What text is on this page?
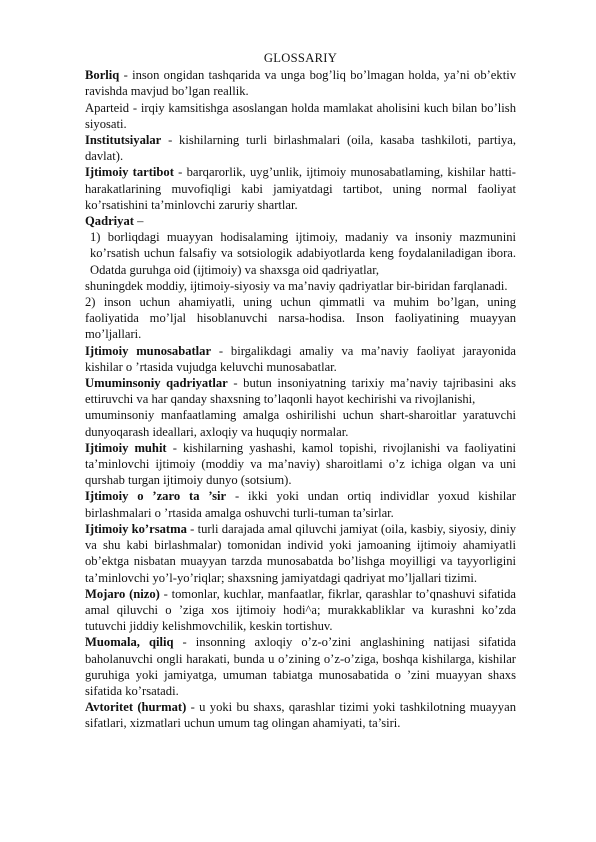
GLOSSARIY

Borliq - inson ongidan tashqarida va unga bog’liq bo’lmagan holda, ya’ni ob’ektiv ravishda mavjud bo’lgan reallik.

Aparteid - irqiy kamsitishga asoslangan holda mamlakat aholisini kuch bilan bo’lish siyosati.

Institutsiyalar - kishilarning turli birlashmalari (oila, kasaba tashkiloti, partiya, davlat).

Ijtimoiy tartibot - barqarorlik, uyg’unlik, ijtimoiy munosabatlaming, kishilar hatti-harakatlarining muvofiqligi kabi jamiyatdagi tartibot, uning normal faoliyat ko’rsatishini ta’minlovchi zaruriy shartlar.

Qadriyat –

1) borliqdagi muayyan hodisalaming ijtimoiy, madaniy va insoniy mazmunini ko’rsatish uchun falsafiy va sotsiologik adabiyotlarda keng foydalaniladigan ibora. Odatda guruhga oid (ijtimoiy) va shaxsga oid qadriyatlar,

shuningdek moddiy, ijtimoiy-siyosiy va ma’naviy qadriyatlar bir-biridan farqlanadi.

2) inson uchun ahamiyatli, uning uchun qimmatli va muhim bo’lgan, uning faoliyatida mo’ljal hisoblanuvchi narsa-hodisa. Inson faoliyatining muayyan mo’ljallari.

Ijtimoiy munosabatlar - birgalikdagi amaliy va ma’naviy faoliyat jarayonida kishilar o ’rtasida vujudga keluvchi munosabatlar.

Umuminsoniy qadriyatlar - butun insoniyatning tarixiy ma’naviy tajribasini aks ettiruvchi va har qanday shaxsning to’laqonli hayot kechirishi va rivojlanishi,

umuminsoniy manfaatlaming amalga oshirilishi uchun shart-sharoitlar yaratuvchi dunyoqarash ideallari, axloqiy va huquqiy normalar.

Ijtimoiy muhit - kishilarning yashashi, kamol topishi, rivojlanishi va faoliyatini ta’minlovchi ijtimoiy (moddiy va ma’naviy) sharoitlami o’z ichiga olgan va uni qurshab turgan ijtimoiy dunyo (sotsium).

Ijtimoiy o ’zaro ta ’sir - ikki yoki undan ortiq individlar yoxud kishilar birlashmalari o ’rtasida amalga oshuvchi turli-tuman ta’sirlar.

Ijtimoiy ko’rsatma - turli darajada amal qiluvchi jamiyat (oila, kasbiy, siyosiy, diniy va shu kabi birlashmalar) tomonidan individ yoki jamoaning ijtimoiy ahamiyatli ob’ektga nisbatan muayyan tarzda munosabatda bo’lishga moyilligi va tayyorligini ta’minlovchi yo’l-yo’riqlar; shaxsning jamiyatdagi qadriyat mo’ljallari tizimi.

Mojaro (nizo) - tomonlar, kuchlar, manfaatlar, fikrlar, qarashlar to’qnashuvi sifatida amal qiluvchi o ’ziga xos ijtimoiy hodi^a; murakkabliklar va kurashni ko’zda tutuvchi jiddiy kelishmovchilik, keskin tortishuv.

Muomala, qiliq - insonning axloqiy o’z-o’zini anglashining natijasi sifatida baholanuvchi ongli harakati, bunda u o’zining o’z-o’ziga, boshqa kishilarga, kishilar guruhiga yoki jamiyatga, umuman tabiatga munosabatida o ’zini muayyan shaxs sifatida ko’rsatadi.

Avtoritet (hurmat) - u yoki bu shaxs, qarashlar tizimi yoki tashkilotning muayyan sifatlari, xizmatlari uchun umum tag olingan ahamiyati, ta’siri.
